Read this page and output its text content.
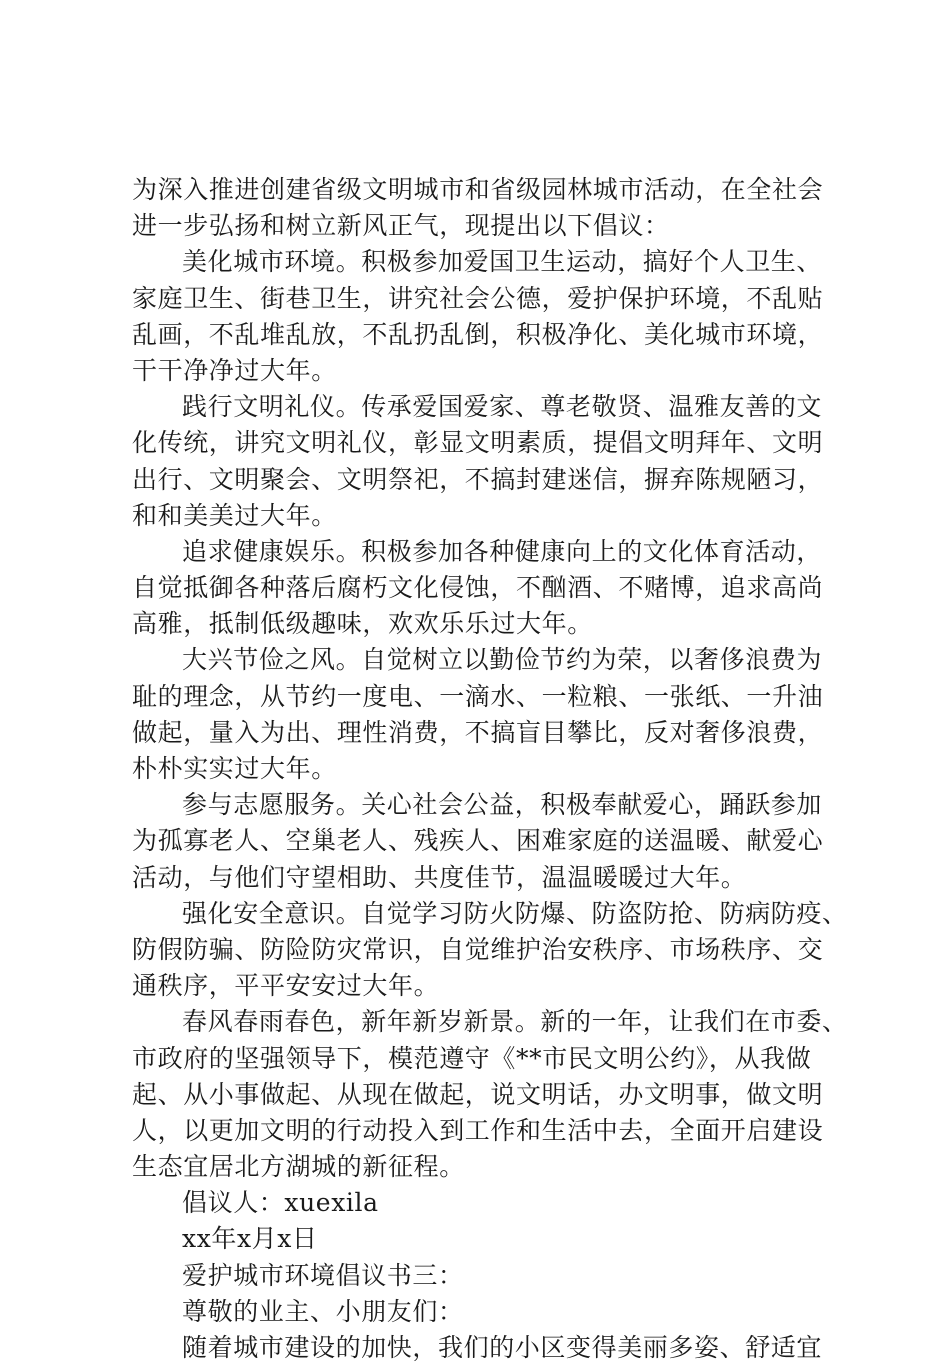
为深入推进创建省级文明城市和省级园林城市活动，在全社会
进一步弘扬和树立新风正气，现提出以下倡议：
美化城市环境。积极参加爱国卫生运动，搞好个人卫生、
家庭卫生、街巷卫生，讲究社会公德，爱护保护环境，不乱贴
乱画，不乱堆乱放，不乱扔乱倒，积极净化、美化城市环境，
干干净净过大年。
践行文明礼仪。传承爱国爱家、尊老敬贤、温雅友善的文
化传统，讲究文明礼仪，彰显文明素质，提倡文明拜年、文明
出行、文明聚会、文明祭祀，不搞封建迷信，摒弃陈规陋习，
和和美美过大年。
追求健康娱乐。积极参加各种健康向上的文化体育活动，
自觉抵御各种落后腐朽文化侵蚀，不酗酒、不赌博，追求高尚
高雅，抵制低级趣味，欢欢乐乐过大年。
大兴节俭之风。自觉树立以勤俭节约为荣，以奢侈浪费为
耻的理念，从节约一度电、一滴水、一粒粮、一张纸、一升油
做起，量入为出、理性消费，不搞盲目攀比，反对奢侈浪费，
朴朴实实过大年。
参与志愿服务。关心社会公益，积极奉献爱心，踊跃参加
为孤寡老人、空巢老人、残疾人、困难家庭的送温暖、献爱心
活动，与他们守望相助、共度佳节，温温暖暖过大年。
强化安全意识。自觉学习防火防爆、防盗防抢、防病防疫、
防假防骗、防险防灾常识，自觉维护治安秩序、市场秩序、交
通秩序，平平安安过大年。
春风春雨春色，新年新岁新景。新的一年，让我们在市委、
市政府的坚强领导下，模范遵守《**市民文明公约》，从我做
起、从小事做起、从现在做起，说文明话，办文明事，做文明
人，以更加文明的行动投入到工作和生活中去，全面开启建设
生态宜居北方湖城的新征程。
倡议人：xuexila
xx年x月x日
爱护城市环境倡议书三：
尊敬的业主、小朋友们：
随着城市建设的加快，我们的小区变得美丽多姿、舒适宜
